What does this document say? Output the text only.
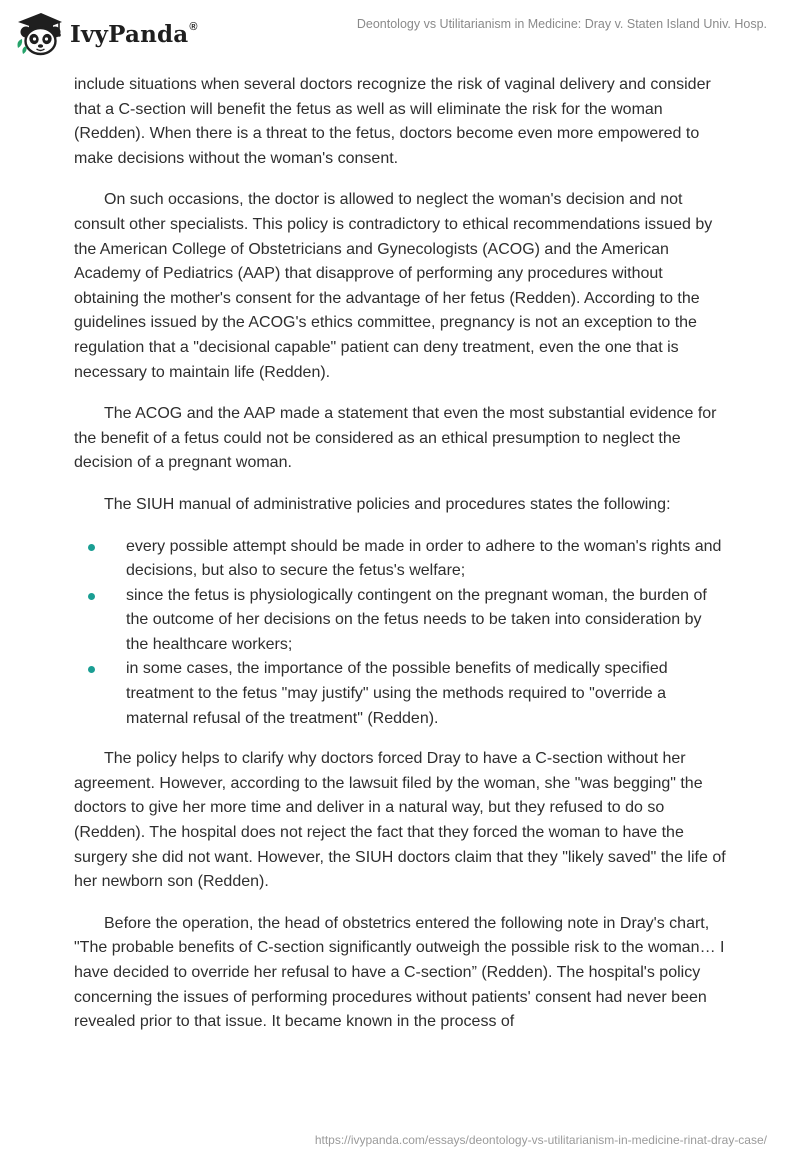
IvyPanda®	Deontology vs Utilitarianism in Medicine: Dray v. Staten Island Univ. Hosp.

include situations when several doctors recognize the risk of vaginal delivery and consider that a C-section will benefit the fetus as well as will eliminate the risk for the woman (Redden). When there is a threat to the fetus, doctors become even more empowered to make decisions without the woman's consent.

On such occasions, the doctor is allowed to neglect the woman's decision and not consult other specialists. This policy is contradictory to ethical recommendations issued by the American College of Obstetricians and Gynecologists (ACOG) and the American Academy of Pediatrics (AAP) that disapprove of performing any procedures without obtaining the mother's consent for the advantage of her fetus (Redden). According to the guidelines issued by the ACOG's ethics committee, pregnancy is not an exception to the regulation that a "decisional capable" patient can deny treatment, even the one that is necessary to maintain life (Redden).

The ACOG and the AAP made a statement that even the most substantial evidence for the benefit of a fetus could not be considered as an ethical presumption to neglect the decision of a pregnant woman.

The SIUH manual of administrative policies and procedures states the following:

every possible attempt should be made in order to adhere to the woman's rights and decisions, but also to secure the fetus's welfare;
since the fetus is physiologically contingent on the pregnant woman, the burden of the outcome of her decisions on the fetus needs to be taken into consideration by the healthcare workers;
in some cases, the importance of the possible benefits of medically specified treatment to the fetus "may justify" using the methods required to "override a maternal refusal of the treatment" (Redden).

The policy helps to clarify why doctors forced Dray to have a C-section without her agreement. However, according to the lawsuit filed by the woman, she "was begging" the doctors to give her more time and deliver in a natural way, but they refused to do so (Redden). The hospital does not reject the fact that they forced the woman to have the surgery she did not want. However, the SIUH doctors claim that they "likely saved" the life of her newborn son (Redden).

Before the operation, the head of obstetrics entered the following note in Dray's chart, "The probable benefits of C-section significantly outweigh the possible risk to the woman… I have decided to override her refusal to have a C-section” (Redden). The hospital's policy concerning the issues of performing procedures without patients' consent had never been revealed prior to that issue. It became known in the process of

https://ivypanda.com/essays/deontology-vs-utilitarianism-in-medicine-rinat-dray-case/
